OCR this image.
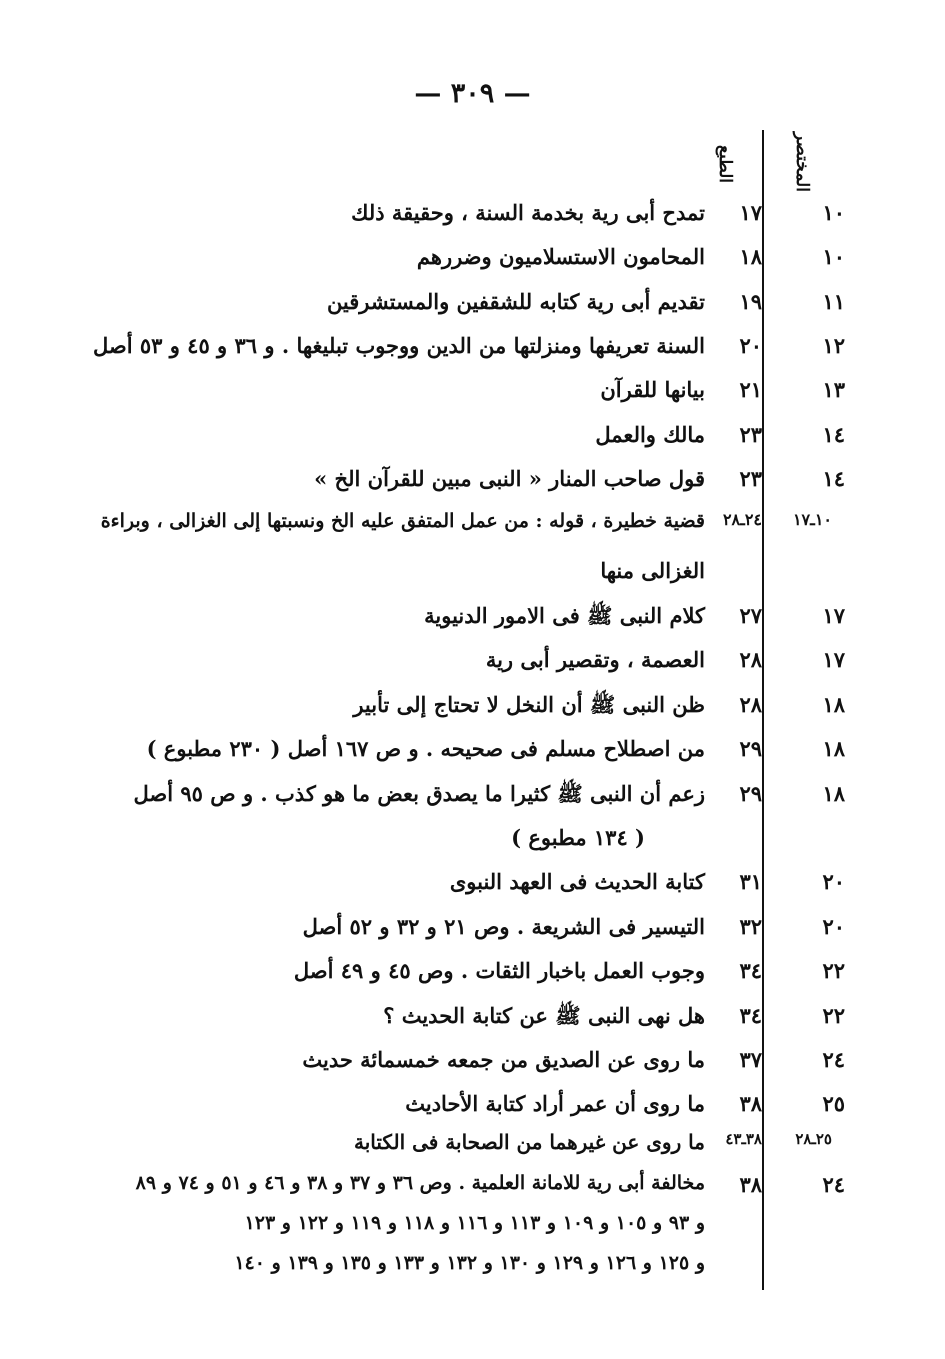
— ٣٠٩ —
المختصر
الطبع
١٠
١٧
تمدح أبى رية بخدمة السنة ، وحقيقة ذلك
١٠
١٨
المحامون الاستسلاميون وضررهم
١١
١٩
تقديم أبى رية كتابه للشقفين والمستشرقين
١٢
٢٠
السنة تعريفها ومنزلتها من الدين ووجوب تبليغها . و ٣٦ و ٤٥ و ٥٣ أصل
١٣
٢١
بيانها للقرآن
١٤
٢٣
مالك والعمل
١٤
٢٣
قول صاحب المنار « النبى مبين للقرآن الخ »
١٠ـ١٧
٢٤ـ٢٨
قضية خطيرة ، قوله : من عمل المتفق عليه الخ ونسبتها إلى الغزالى ، وبراءة
الغزالى منها
١٧
٢٧
كلام النبى ﷺ فى الامور الدنيوية
١٧
٢٨
العصمة ، وتقصير أبى رية
١٨
٢٨
ظن النبى ﷺ أن النخل لا تحتاج إلى تأبير
١٨
٢٩
من اصطلاح مسلم فى صحيحه . و ص ١٦٧ أصل ( ٢٣٠ مطبوع )
١٨
٢٩
زعم أن النبى ﷺ كثيرا ما يصدق بعض ما هو كذب . و ص ٩٥ أصل
( ١٣٤ مطبوع )
٢٠
٣١
كتابة الحديث فى العهد النبوى
٢٠
٣٢
التيسير فى الشريعة . وص ٢١ و ٣٢ و ٥٢ أصل
٢٢
٣٤
وجوب العمل باخبار الثقات . وص ٤٥ و ٤٩ أصل
٢٢
٣٤
هل نهى النبى ﷺ عن كتابة الحديث ؟
٢٤
٣٧
ما روى عن الصديق من جمعه خمسمائة حديث
٢٥
٣٨
ما روى أن عمر أراد كتابة الأحاديث
٢٥ـ٢٨
٣٨ـ٤٣
ما روى عن غيرهما من الصحابة فى الكتابة
٢٤
٣٨
مخالفة أبى رية للامانة العلمية . وص ٣٦ و ٣٧ و ٣٨ و ٤٦ و ٥١ و ٧٤ و ٨٩
و ٩٣ و ١٠٥ و ١٠٩ و ١١٣ و ١١٦ و ١١٨ و ١١٩ و ١٢٢ و ١٢٣
و ١٢٥ و ١٢٦ و ١٢٩ و ١٣٠ و ١٣٢ و ١٣٣ و ١٣٥ و ١٣٩ و ١٤٠
